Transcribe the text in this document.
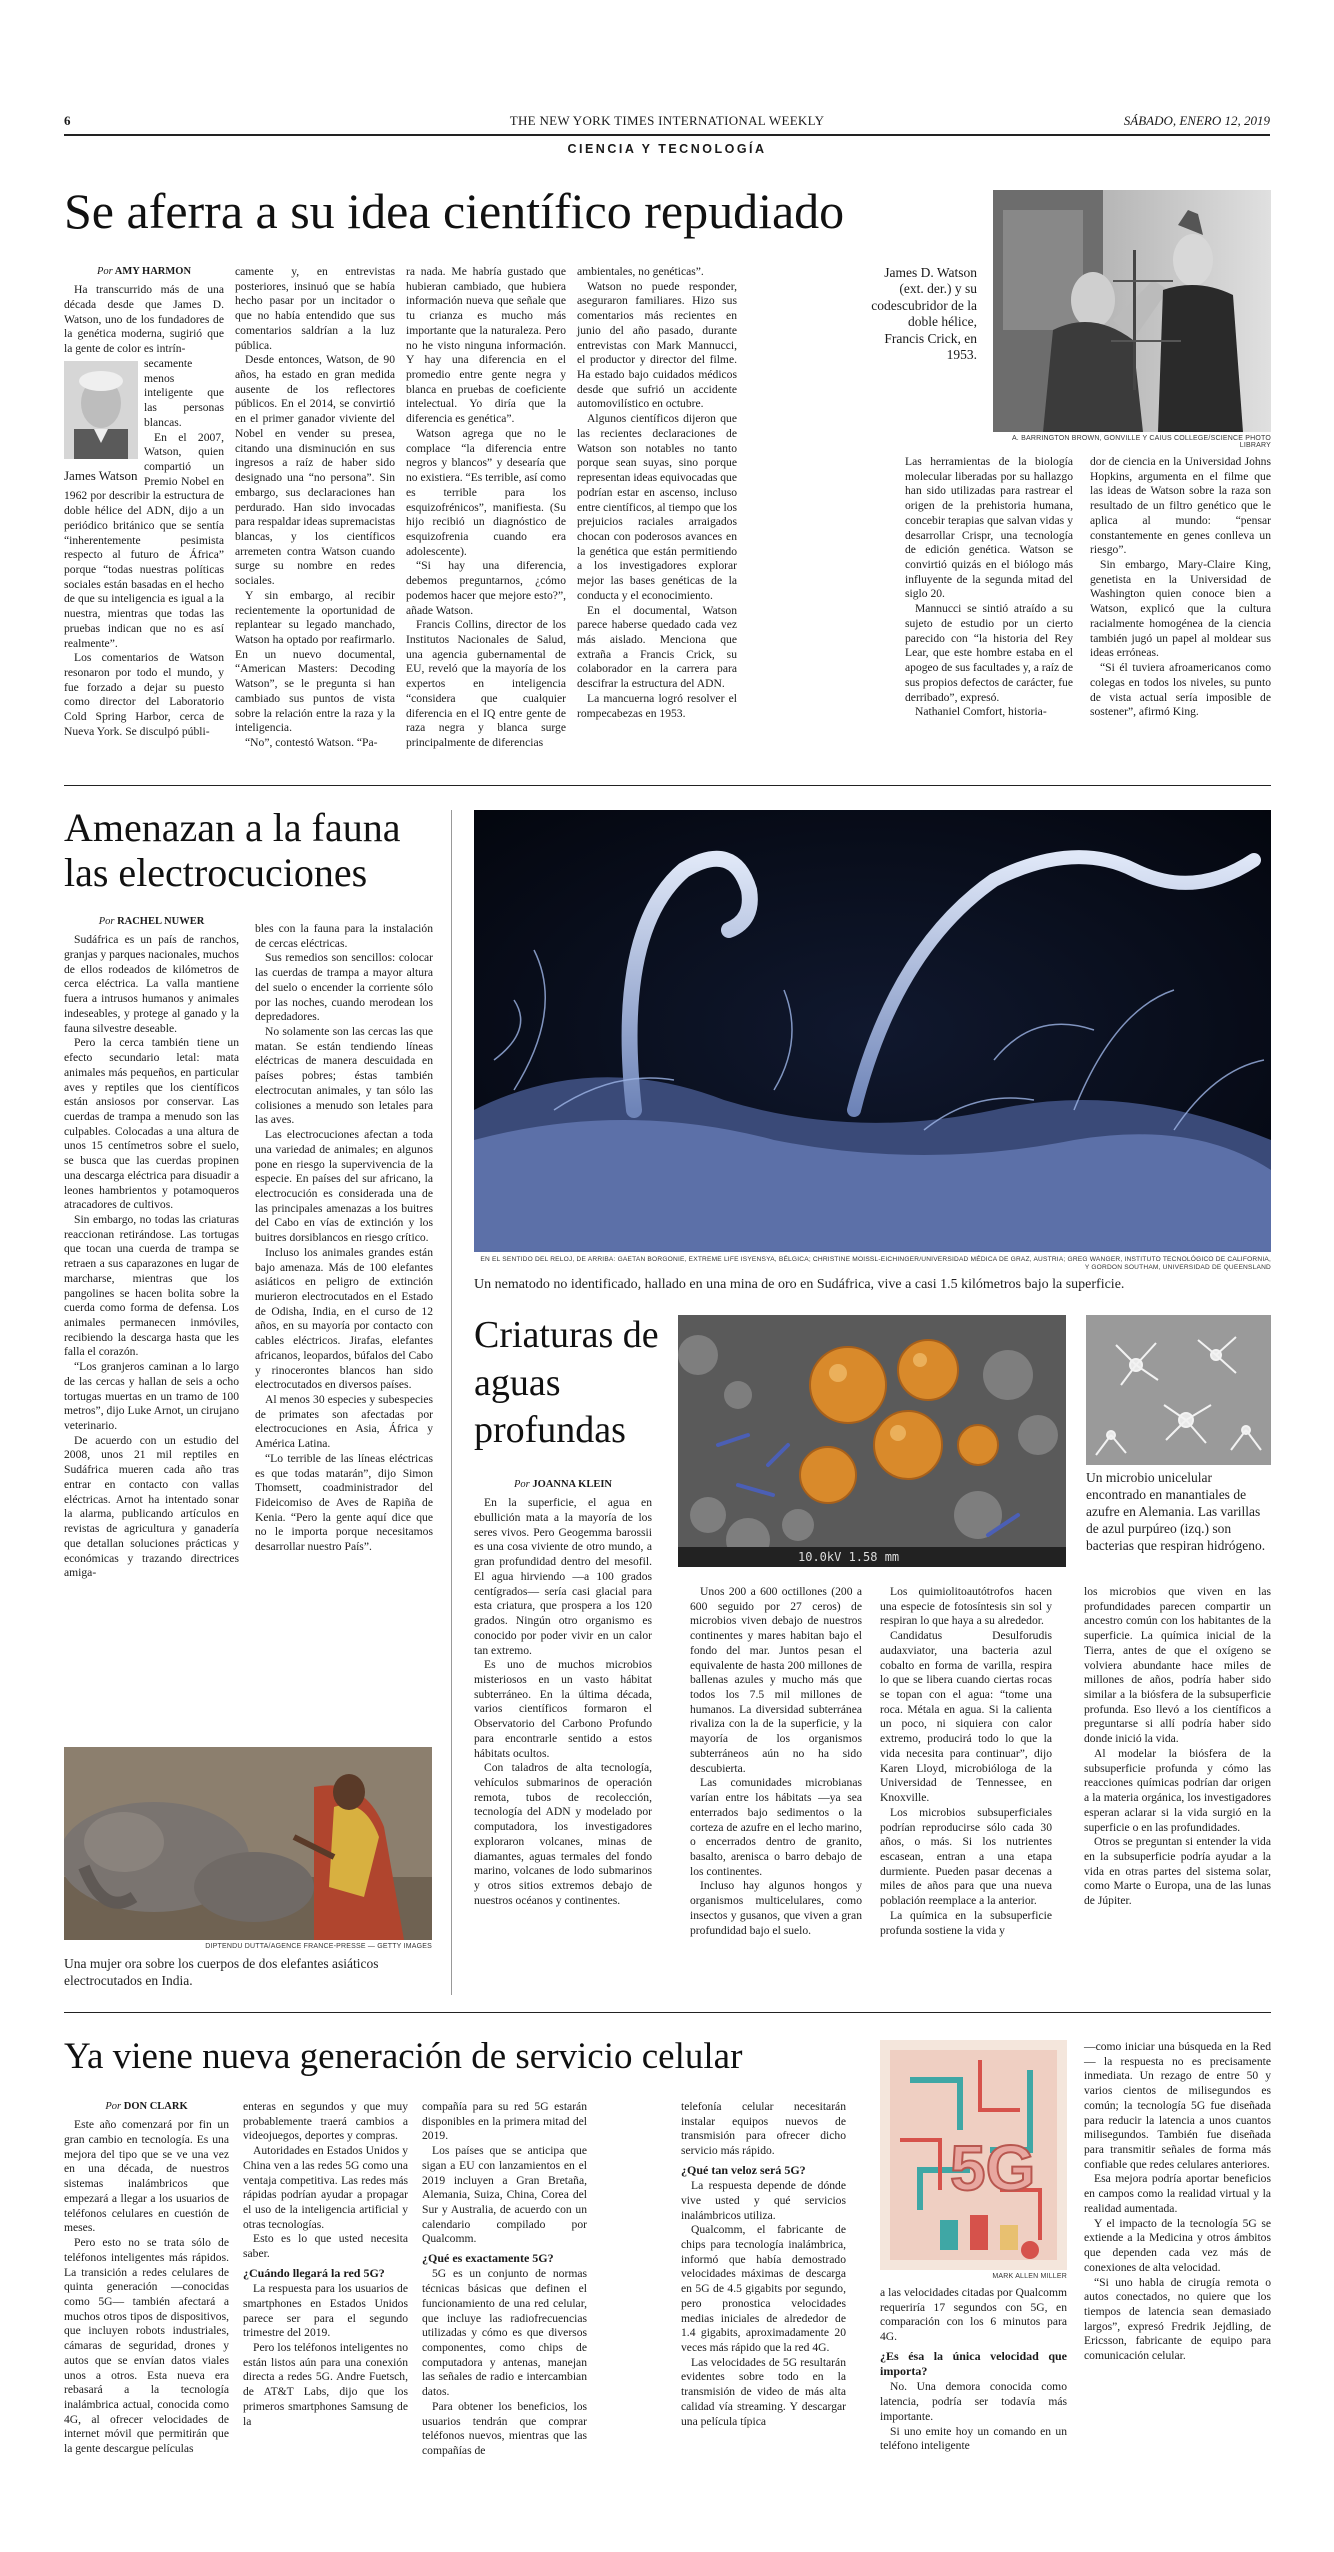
6	THE NEW YORK TIMES INTERNATIONAL WEEKLY	SÁBADO, ENERO 12, 2019
CIENCIA Y TECNOLOGÍA
Se aferra a su idea científico repudiado
Por AMY HARMON

Ha transcurrido más de una década desde que James D. Watson, uno de los fundadores de la genética moderna, sugirió que la gente de color es intrín-

James Watson

secamente menos inteligente que las personas blancas.

En el 2007, Watson, quien compartió un Premio Nobel en 1962 por describir la estructura de doble hélice del ADN, dijo a un periódico británico que se sentía “inherentemente pesimista respecto al futuro de África” porque “todas nuestras políticas sociales están basadas en el hecho de que su inteligencia es igual a la nuestra, mientras que todas las pruebas indican que no es así realmente”.

Los comentarios de Watson resonaron por todo el mundo, y fue forzado a dejar su puesto como director del Laboratorio Cold Spring Harbor, cerca de Nueva York. Se disculpó públi-

camente y, en entrevistas posteriores, insinuó que se había hecho pasar por un incitador o que no había entendido que sus comentarios saldrían a la luz pública.

Desde entonces, Watson, de 90 años, ha estado en gran medida ausente de los reflectores públicos. En el 2014, se convirtió en el primer ganador viviente del Nobel en vender su presea, citando una disminución en sus ingresos a raíz de haber sido designado una “no persona”. Sin embargo, sus declaraciones han perdurado. Han sido invocadas para respaldar ideas supremacistas blancas, y los científicos arremeten contra Watson cuando surge su nombre en redes sociales.

Y sin embargo, al recibir recientemente la oportunidad de replantear su legado manchado, Watson ha optado por reafirmarlo. En un nuevo documental, “American Masters: Decoding Watson”, se le pregunta si han cambiado sus puntos de vista sobre la relación entre la raza y la inteligencia.

“No”, contestó Watson. “Pa-

ra nada. Me habría gustado que hubieran cambiado, que hubiera información nueva que señale que tu crianza es mucho más importante que la naturaleza. Pero no he visto ninguna información. Y hay una diferencia en el promedio entre gente negra y blanca en pruebas de coeficiente intelectual. Yo diría que la diferencia es genética”.

Watson agrega que no le complace “la diferencia entre negros y blancos” y desearía que no existiera. “Es terrible, así como es terrible para los esquizofrénicos”, manifiesta. (Su hijo recibió un diagnóstico de esquizofrenia cuando era adolescente).

“Si hay una diferencia, debemos preguntarnos, ¿cómo podemos hacer que mejore esto?”, añade Watson.

Francis Collins, director de los Institutos Nacionales de Salud, una agencia gubernamental de EU, reveló que la mayoría de los expertos en inteligencia “considera que cualquier diferencia en el IQ entre gente de raza negra y blanca surge principalmente de diferencias

ambientales, no genéticas”.

Watson no puede responder, aseguraron familiares. Hizo sus comentarios más recientes en junio del año pasado, durante entrevistas con Mark Mannucci, el productor y director del filme. Ha estado bajo cuidados médicos desde que sufrió un accidente automovilístico en octubre.

Algunos científicos dijeron que las recientes declaraciones de Watson son notables no tanto porque sean suyas, sino porque representan ideas equivocadas que podrían estar en ascenso, incluso entre científicos, al tiempo que los prejuicios raciales arraigados chocan con poderosos avances en la genética que están permitiendo a los investigadores explorar mejor las bases genéticas de la conducta y el econocimiento.

En el documental, Watson parece haberse quedado cada vez más aislado. Menciona que extraña a Francis Crick, su colaborador en la carrera para descifrar la estructura del ADN.

La mancuerna logró resolver el rompecabezas en 1953.

James D. Watson (ext. der.) y su codescubridor de la doble hélice, Francis Crick, en 1953.
A. BARRINGTON BROWN, GONVILLE Y CAIUS COLLEGE/SCIENCE PHOTO LIBRARY

Las herramientas de la biología molecular liberadas por su hallazgo han sido utilizadas para rastrear el origen de la prehistoria humana, concebir terapias que salvan vidas y desarrollar Crispr, una tecnología de edición genética. Watson se convirtió quizás en el biólogo más influyente de la segunda mitad del siglo 20.

Mannucci se sintió atraído a su sujeto de estudio por un cierto parecido con “la historia del Rey Lear, que este hombre estaba en el apogeo de sus facultades y, a raíz de sus propios defectos de carácter, fue derribado”, expresó.

Nathaniel Comfort, historia-

dor de ciencia en la Universidad Johns Hopkins, argumenta en el filme que las ideas de Watson sobre la raza son resultado de un filtro genético que le aplica al mundo: “pensar constantemente en genes conlleva un riesgo”.

Sin embargo, Mary-Claire King, genetista en la Universidad de Washington quien conoce bien a Watson, explicó que la cultura racialmente homogénea de la ciencia también jugó un papel al moldear sus ideas erróneas.

“Si él tuviera afroamericanos como colegas en todos los niveles, su punto de vista actual sería imposible de sostener”, afirmó King.

Amenazan a la fauna las electrocuciones
Por RACHEL NUWER

Sudáfrica es un país de ranchos, granjas y parques nacionales, muchos de ellos rodeados de kilómetros de cerca eléctrica. La valla mantiene fuera a intrusos humanos y animales indeseables, y protege al ganado y la fauna silvestre deseable.

Pero la cerca también tiene un efecto secundario letal: mata animales más pequeños, en particular aves y reptiles que los científicos están ansiosos por conservar. Las cuerdas de trampa a menudo son las culpables. Colocadas a una altura de unos 15 centímetros sobre el suelo, se busca que las cuerdas propinen una descarga eléctrica para disuadir a leones hambrientos y potamoqueros atracadores de cultivos.

Sin embargo, no todas las criaturas reaccionan retirándose. Las tortugas que tocan una cuerda de trampa se retraen a sus caparazones en lugar de marcharse, mientras que los pangolines se hacen bolita sobre la cuerda como forma de defensa. Los animales permanecen inmóviles, recibiendo la descarga hasta que les falla el corazón.

“Los granjeros caminan a lo largo de las cercas y hallan de seis a ocho tortugas muertas en un tramo de 100 metros”, dijo Luke Arnot, un cirujano veterinario.

De acuerdo con un estudio del 2008, unos 21 mil reptiles en Sudáfrica mueren cada año tras entrar en contacto con vallas eléctricas. Arnot ha intentado sonar la alarma, publicando artículos en revistas de agricultura y ganadería que detallan soluciones prácticas y económicas y trazando directrices amiga-

bles con la fauna para la instalación de cercas eléctricas.

Sus remedios son sencillos: colocar las cuerdas de trampa a mayor altura del suelo o encender la corriente sólo por las noches, cuando merodean los depredadores.

No solamente son las cercas las que matan. Se están tendiendo líneas eléctricas de manera descuidada en países pobres; éstas también electrocutan animales, y tan sólo las colisiones a menudo son letales para las aves.

Las electrocuciones afectan a toda una variedad de animales; en algunos pone en riesgo la supervivencia de la especie. En países del sur africano, la electrocución es considerada una de las principales amenazas a los buitres del Cabo en vías de extinción y los buitres dorsiblancos en riesgo crítico.

Incluso los animales grandes están bajo amenaza. Más de 100 elefantes asiáticos en peligro de extinción murieron electrocutados en el Estado de Odisha, India, en el curso de 12 años, en su mayoría por contacto con cables eléctricos. Jirafas, elefantes africanos, leopardos, búfalos del Cabo y rinocerontes blancos han sido electrocutados en diversos países.

Al menos 30 especies y subespecies de primates son afectadas por electrocuciones en Asia, África y América Latina.

“Lo terrible de las líneas eléctricas es que todas matarán”, dijo Simon Thomsett, coadministrador del Fideicomiso de Aves de Rapiña de Kenia. “Pero la gente aquí dice que no le importa porque necesitamos desarrollar nuestro País”.

DIPTENDU DUTTA/AGENCE FRANCE-PRESSE — GETTY IMAGES
Una mujer ora sobre los cuerpos de dos elefantes asiáticos electrocutados en India.
EN EL SENTIDO DEL RELOJ, DE ARRIBA: GAETAN BORGONIE, EXTREME LIFE ISYENSYA, BÉLGICA; CHRISTINE MOISSL-EICHINGER/UNIVERSIDAD MÉDICA DE GRAZ, AUSTRIA; GREG WANGER, INSTITUTO TECNOLÓGICO DE CALIFORNIA, Y GORDON SOUTHAM, UNIVERSIDAD DE QUEENSLAND
Un nematodo no identificado, hallado en una mina de oro en Sudáfrica, vive a casi 1.5 kilómetros bajo la superficie.
Criaturas de aguas profundas
Por JOANNA KLEIN

En la superficie, el agua en ebullición mata a la mayoría de los seres vivos. Pero Geogemma barossii es una cosa viviente de otro mundo, a gran profundidad dentro del mesofil. El agua hirviendo —a 100 grados centígrados— sería casi glacial para esta criatura, que prospera a los 120 grados. Ningún otro organismo es conocido por poder vivir en un calor tan extremo.

Es uno de muchos microbios misteriosos en un vasto hábitat subterráneo. En la última década, varios científicos formaron el Observatorio del Carbono Profundo para encontrarle sentido a estos hábitats ocultos.

Con taladros de alta tecnología, vehículos submarinos de operación remota, tubos de recolección, tecnología del ADN y modelado por computadora, los investigadores exploraron volcanes, minas de diamantes, aguas termales del fondo marino, volcanes de lodo submarinos y otros sitios extremos debajo de nuestros océanos y continentes.

10.0kV 1.58 mm
Un microbio unicelular encontrado en manantiales de azufre en Alemania. Las varillas de azul purpúreo (izq.) son bacterias que respiran hidrógeno.

Unos 200 a 600 octillones (200 a 600 seguido por 27 ceros) de microbios viven debajo de nuestros continentes y mares habitan bajo el fondo del mar. Juntos pesan el equivalente de hasta 200 millones de ballenas azules y mucho más que todos los 7.5 mil millones de humanos. La diversidad subterránea rivaliza con la de la superficie, y la mayoría de los organismos subterráneos aún no ha sido descubierta.

Las comunidades microbianas varían entre los hábitats —ya sea enterrados bajo sedimentos o la corteza de azufre en el lecho marino, o encerrados dentro de granito, basalto, arenisca o barro debajo de los continentes.

Incluso hay algunos hongos y organismos multicelulares, como insectos y gusanos, que viven a gran profundidad bajo el suelo.

Los quimiolitoautótrofos hacen una especie de fotosíntesis sin sol y respiran lo que haya a su alrededor.

Candidatus Desulforudis audaxviator, una bacteria azul cobalto en forma de varilla, respira lo que se libera cuando ciertas rocas se topan con el agua: “tome una roca. Métala en agua. Si la calienta un poco, ni siquiera con calor extremo, producirá todo lo que la vida necesita para continuar”, dijo Karen Lloyd, microbióloga de la Universidad de Tennessee, en Knoxville.

Los microbios subsuperficiales podrían reproducirse sólo cada 30 años, o más. Si los nutrientes escasean, entran a una etapa durmiente. Pueden pasar decenas a miles de años para que una nueva población reemplace a la anterior.

La química en la subsuperficie profunda sostiene la vida y

los microbios que viven en las profundidades parecen compartir un ancestro común con los habitantes de la superficie. La química inicial de la Tierra, antes de que el oxígeno se volviera abundante hace miles de millones de años, podría haber sido similar a la biósfera de la subsuperficie profunda. Eso llevó a los científicos a preguntarse si allí podría haber sido donde inició la vida.

Al modelar la biósfera de la subsuperficie profunda y cómo las reacciones químicas podrían dar origen a la materia orgánica, los investigadores esperan aclarar si la vida surgió en la superficie o en las profundidades.

Otros se preguntan si entender la vida en la subsuperficie podría ayudar a la vida en otras partes del sistema solar, como Marte o Europa, una de las lunas de Júpiter.

Ya viene nueva generación de servicio celular
Por DON CLARK

Este año comenzará por fin un gran cambio en tecnología. Es una mejora del tipo que se ve una vez en una década, de nuestros sistemas inalámbricos que empezará a llegar a los usuarios de teléfonos celulares en cuestión de meses.

Pero esto no se trata sólo de teléfonos inteligentes más rápidos. La transición a redes celulares de quinta generación —conocidas como 5G— también afectará a muchos otros tipos de dispositivos, que incluyen robots industriales, cámaras de seguridad, drones y autos que se envían datos viales unos a otros. Esta nueva era rebasará a la tecnología inalámbrica actual, conocida como 4G, al ofrecer velocidades de internet móvil que permitirán que la gente descargue películas

enteras en segundos y que muy probablemente traerá cambios a videojuegos, deportes y compras.

Autoridades en Estados Unidos y China ven a las redes 5G como una ventaja competitiva. Las redes más rápidas podrían ayudar a propagar el uso de la inteligencia artificial y otras tecnologías.

Esto es lo que usted necesita saber.

¿Cuándo llegará la red 5G?

La respuesta para los usuarios de smartphones en Estados Unidos parece ser para el segundo trimestre del 2019.

Pero los teléfonos inteligentes no están listos aún para una conexión directa a redes 5G. Andre Fuetsch, de AT&T Labs, dijo que los primeros smartphones Samsung de la

compañía para su red 5G estarán disponibles en la primera mitad del 2019.

Los países que se anticipa que sigan a EU con lanzamientos en el 2019 incluyen a Gran Bretaña, Alemania, Suiza, China, Corea del Sur y Australia, de acuerdo con un calendario compilado por Qualcomm.

¿Qué es exactamente 5G?

5G es un conjunto de normas técnicas básicas que definen el funcionamiento de una red celular, que incluye las radiofrecuencias utilizadas y cómo es que diversos componentes, como chips de computadora y antenas, manejan las señales de radio e intercambian datos.

Para obtener los beneficios, los usuarios tendrán que comprar teléfonos nuevos, mientras que las compañías de

telefonía celular necesitarán instalar equipos nuevos de transmisión para ofrecer dicho servicio más rápido.

¿Qué tan veloz será 5G?

La respuesta depende de dónde vive usted y qué servicios inalámbricos utiliza.

Qualcomm, el fabricante de chips para tecnología inalámbrica, informó que había demostrado velocidades máximas de descarga en 5G de 4.5 gigabits por segundo, pero pronostica velocidades medias iniciales de alrededor de 1.4 gigabits, aproximadamente 20 veces más rápido que la red 4G.

Las velocidades de 5G resultarán evidentes sobre todo en la transmisión de video de más alta calidad vía streaming. Y descargar una película típica

5G
MARK ALLEN MILLER

a las velocidades citadas por Qualcomm requeriría 17 segundos con 5G, en comparación con los 6 minutos para 4G.

¿Es ésa la única velocidad que importa?

No. Una demora conocida como latencia, podría ser todavía más importante.

Si uno emite hoy un comando en un teléfono inteligente

—como iniciar una búsqueda en la Red— la respuesta no es precisamente inmediata. Un rezago de entre 50 y varios cientos de milisegundos es común; la tecnología 5G fue diseñada para reducir la latencia a unos cuantos milisegundos. También fue diseñada para transmitir señales de forma más confiable que redes celulares anteriores.

Esa mejora podría aportar beneficios en campos como la realidad virtual y la realidad aumentada.

Y el impacto de la tecnología 5G se extiende a la Medicina y otros ámbitos que dependen cada vez más de conexiones de alta velocidad.

“Si uno habla de cirugía remota o autos conectados, no quiere que los tiempos de latencia sean demasiado largos”, expresó Fredrik Jejdling, de Ericsson, fabricante de equipo para comunicación celular.
